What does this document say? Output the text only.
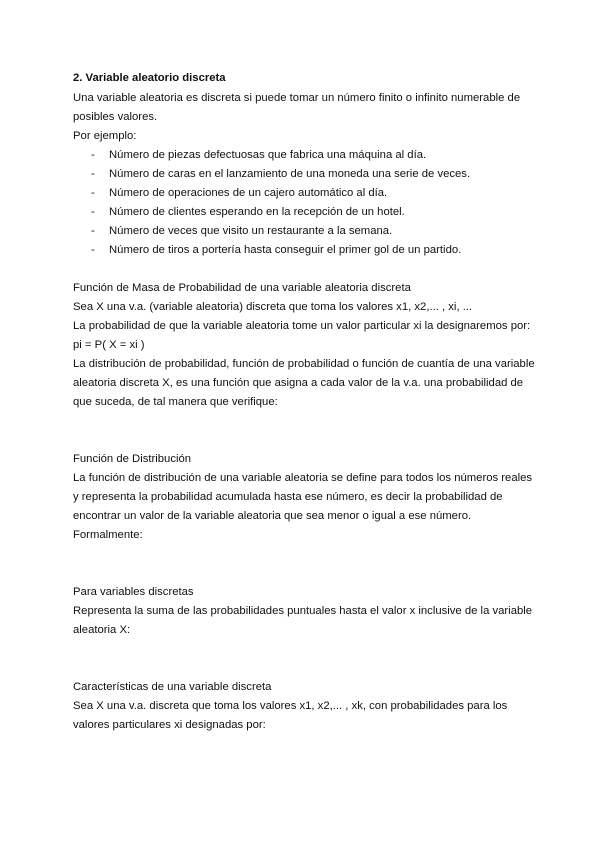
2. Variable aleatorio discreta
Una variable aleatoria es discreta si puede tomar un número finito o infinito numerable de
posibles valores.
Por ejemplo:
- Número de piezas defectuosas que fabrica una máquina al día.
- Número de caras en el lanzamiento de una moneda una serie de veces.
- Número de operaciones de un cajero automático al día.
- Número de clientes esperando en la recepción de un hotel.
- Número de veces que visito un restaurante a la semana.
- Número de tiros a portería hasta conseguir el primer gol de un partido.
Función de Masa de Probabilidad de una variable aleatoria discreta
Sea X una v.a. (variable aleatoria) discreta que toma los valores x1, x2,... , xi, ...
La probabilidad de que la variable aleatoria tome un valor particular xi la designaremos por:
pi = P( X = xi )
La distribución de probabilidad, función de probabilidad o función de cuantía de una variable
aleatoria discreta X, es una función que asigna a cada valor de la v.a. una probabilidad de
que suceda, de tal manera que verifique:
Función de Distribución
La función de distribución de una variable aleatoria se define para todos los números reales
y representa la probabilidad acumulada hasta ese número, es decir la probabilidad de
encontrar un valor de la variable aleatoria que sea menor o igual a ese número.
Formalmente:
Para variables discretas
Representa la suma de las probabilidades puntuales hasta el valor x inclusive de la variable
aleatoria X:
Características de una variable discreta
Sea X una v.a. discreta que toma los valores x1, x2,... , xk, con probabilidades para los
valores particulares xi designadas por:
